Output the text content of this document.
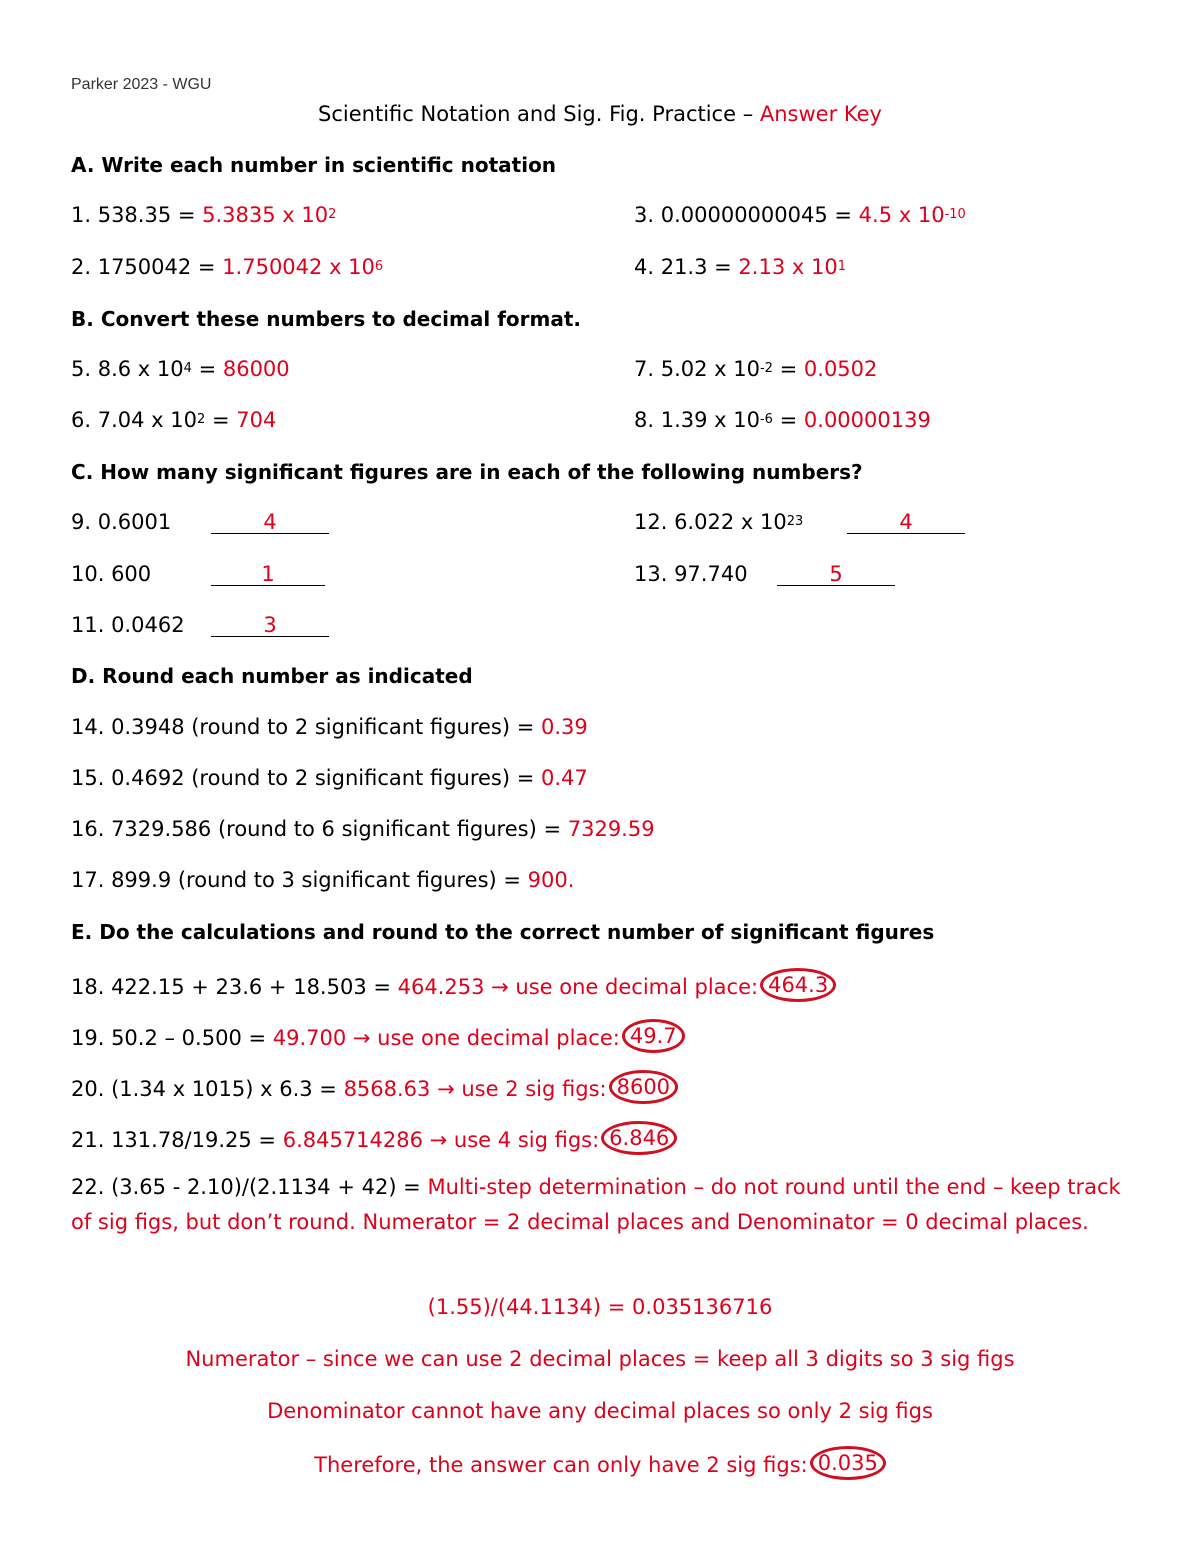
Parker 2023 - WGU
Scientific Notation and Sig. Fig. Practice – Answer Key
A. Write each number in scientific notation
1. 538.35 = 5.3835 x $10^2$	3. 0.00000000045 = 4.5 x $10^{-10}$
2. 1750042 = 1.750042 x $10^6$	4. 21.3 = 2.13 x $10^1$
B. Convert these numbers to decimal format.
5. 8.6 x $10^4 = 86000$	7. 5.02 x $10^{-2} = 0.0502$
6. 7.04 x $10^2 = 704$	8. 1.39 x $10^{-6} = 0.00000139$
C. How many significant figures are in each of the following numbers?
9. 0.6001	4	12. 6.022 x $10^{23}$	4
10. 600	1	13. 97.740	5
11. 0.0462	3
D. Round each number as indicated
14. 0.3948 (round to 2 significant figures) = 0.39
15. 0.4692 (round to 2 significant figures) = 0.47
16. 7329.586 (round to 6 significant figures) = 7329.59
17. 899.9 (round to 3 significant figures) = 900.
E. Do the calculations and round to the correct number of significant figures
18. 422.15 + 23.6 + 18.503 = 464.253 → use one decimal place: 464.3
19. 50.2 – 0.500 = 49.700 → use one decimal place: 49.7
20. (1.34 x 1015) x 6.3 = 8568.63 → use 2 sig figs: 8600
21. 131.78/19.25 = 6.845714286 → use 4 sig figs: 6.846
22. (3.65 - 2.10)/(2.1134 + 42) = Multi-step determination – do not round until the end – keep track of sig figs, but don’t round. Numerator = 2 decimal places and Denominator = 0 decimal places.
(1.55)/(44.1134) = 0.035136716
Numerator – since we can use 2 decimal places = keep all 3 digits so 3 sig figs
Denominator cannot have any decimal places so only 2 sig figs
Therefore, the answer can only have 2 sig figs: 0.035
